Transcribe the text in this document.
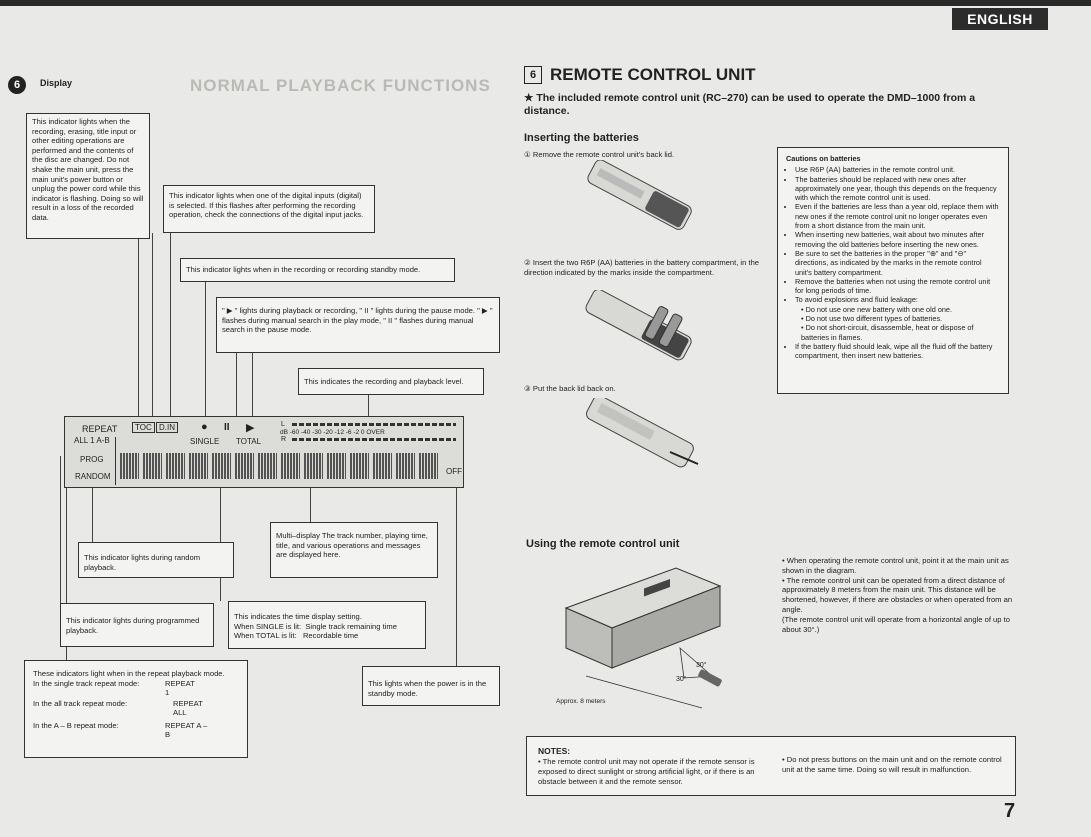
ENGLISH
NORMAL PLAYBACK FUNCTIONS
6	Display
This indicator lights when the recording, erasing, title input or other editing operations are performed and the contents of the disc are changed. Do not shake the main unit, press the main unit's power button or unplug the power cord while this indicator is flashing. Doing so will result in a loss of the recorded data.
This indicator lights when one of the digital inputs (digital) is selected. If this flashes after performing the recording operation, check the connections of the digital input jacks.
This indicator lights when in the recording or recording standby mode.
" ▶ " lights during playback or recording, " II " lights during the pause mode. " ▶ " flashes during manual search in the play mode, " II " flashes during manual search in the pause mode.
This indicates the recording and playback level.
REPEAT	TOC D.IN ● II ▶
ALL 1 A-B	SINGLE TOTAL
L
dB -60 -40 -30 -20 -12 -6 -2 0 OVER
R
PROG
RANDOM
OFF
This indicator lights during random playback.
Multi–display The track number, playing time, title, and various operations and messages are displayed here.
This indicator lights during programmed playback.
This indicates the time display setting.
When SINGLE is lit: Single track remaining time
When TOTAL is lit: Recordable time
This lights when the power is in the standby mode.
These indicators light when in the repeat playback mode.
In the single track repeat mode:	REPEAT 1
In the all track repeat mode:	REPEAT ALL
In the A – B repeat mode:	REPEAT A – B
6 REMOTE CONTROL UNIT
★ The included remote control unit (RC–270) can be used to operate the DMD–1000 from a distance.
Inserting the batteries
① Remove the remote control unit's back lid.
② Insert the two R6P (AA) batteries in the battery compartment, in the direction indicated by the marks inside the compartment.
③ Put the back lid back on.
Cautions on batteries
• Use R6P (AA) batteries in the remote control unit.
• The batteries should be replaced with new ones after approximately one year, though this depends on the frequency with which the remote control unit is used.
• Even if the batteries are less than a year old, replace them with new ones if the remote control unit no longer operates even from a short distance from the main unit.
• When inserting new batteries, wait about two minutes after removing the old batteries before inserting the new ones.
• Be sure to set the batteries in the proper "⊕" and "⊖" directions, as indicated by the marks in the remote control unit's battery compartment.
• Remove the batteries when not using the remote control unit for long periods of time.
• To avoid explosions and fluid leakage:
• Do not use one new battery with one old one.
• Do not use two different types of batteries.
• Do not short-circuit, disassemble, heat or dispose of batteries in flames.
• If the battery fluid should leak, wipe all the fluid off the battery compartment, then insert new batteries.
Using the remote control unit
30°
30°
Approx. 8 meters
• When operating the remote control unit, point it at the main unit as shown in the diagram.
• The remote control unit can be operated from a direct distance of approximately 8 meters from the main unit. This distance will be shortened, however, if there are obstacles or when operated from an angle.
(The remote control unit will operate from a horizontal angle of up to about 30°.)
NOTES:
• The remote control unit may not operate if the remote sensor is exposed to direct sunlight or strong artificial light, or if there is an obstacle between it and the remote sensor.
• Do not press buttons on the main unit and on the remote control unit at the same time. Doing so will result in malfunction.
7
